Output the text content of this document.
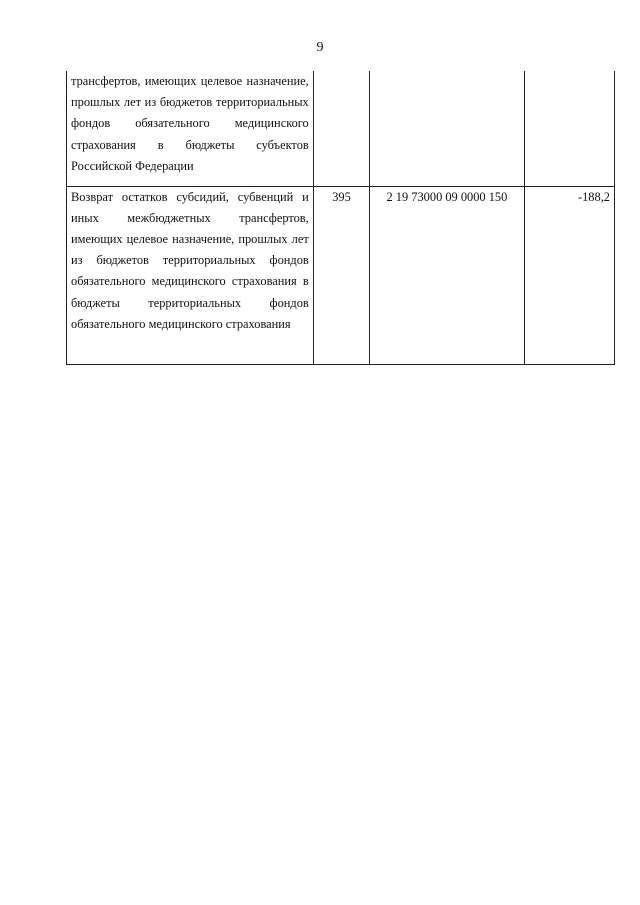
9
трансфертов, имеющих целевое назначение, прошлых лет из бюджетов территориальных фондов обязательного медицинского страхования в бюджеты субъектов Российской Федерации			
Возврат остатков субсидий, субвенций и иных межбюджетных трансфертов, имеющих целевое назначение, прошлых лет из бюджетов территориальных фондов обязательного медицинского страхования в бюджеты территориальных фондов обязательного медицинского страхования	395	2 19 73000 09 0000 150	-188,2
